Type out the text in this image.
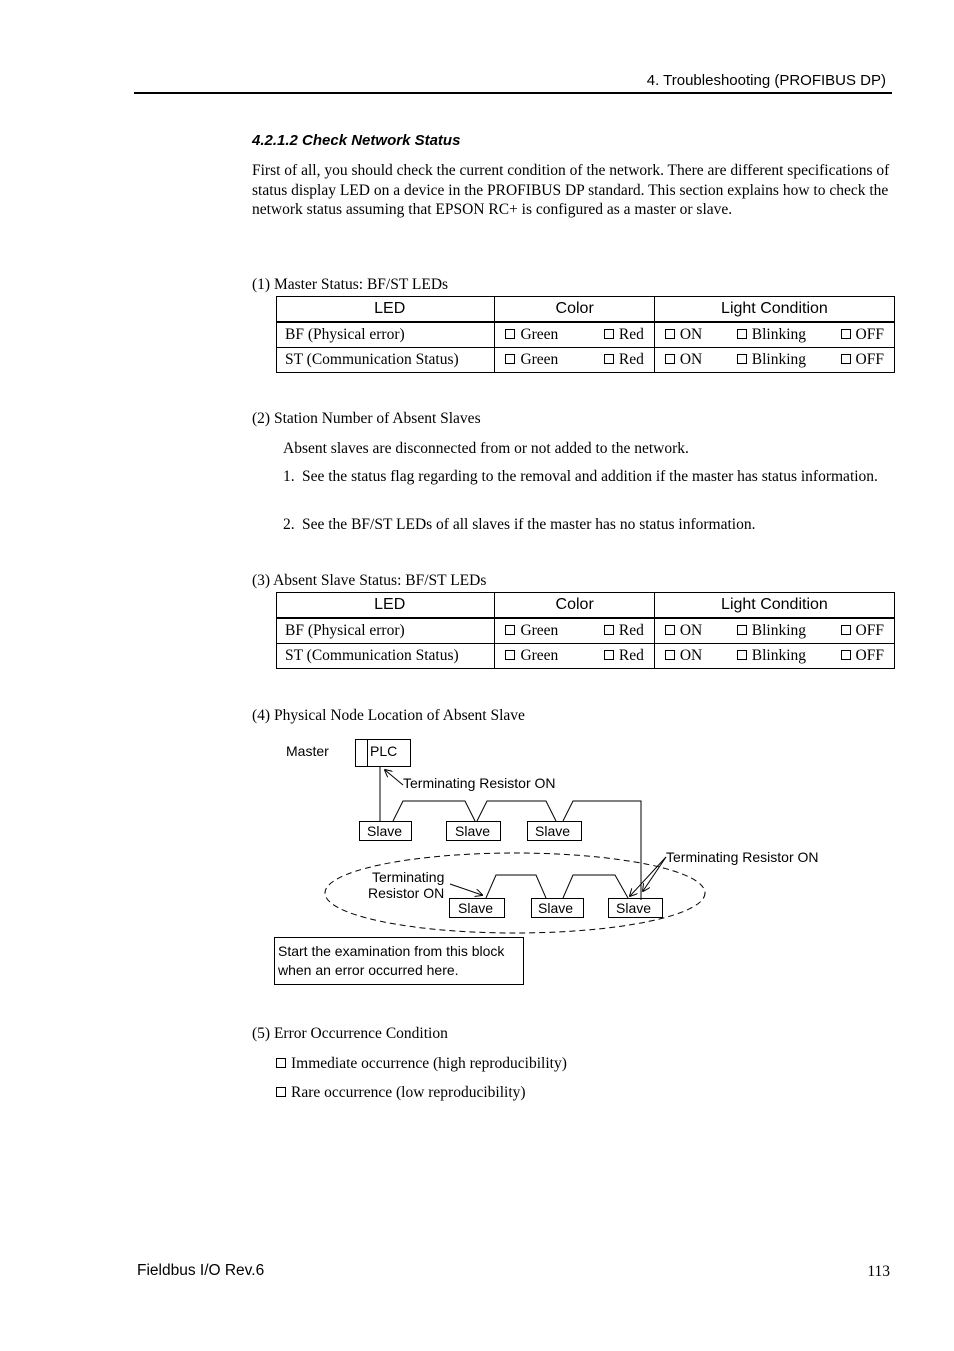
4. Troubleshooting (PROFIBUS DP)
4.2.1.2 Check Network Status
First of all, you should check the current condition of the network. There are different specifications of status display LED on a device in the PROFIBUS DP standard. This section explains how to check the network status assuming that EPSON RC+ is configured as a master or slave.
(1) Master Status: BF/ST LEDs
LED	Color	Light Condition
BF (Physical error)	Green Red	ON Blinking OFF

ST (Communication Status)	Green Red	ON Blinking OFF
(2) Station Number of Absent Slaves
Absent slaves are disconnected from or not added to the network.
1. See the status flag regarding to the removal and addition if the master has status information.
2. See the BF/ST LEDs of all slaves if the master has no status information.
(3) Absent Slave Status: BF/ST LEDs
LED	Color	Light Condition
BF (Physical error)	Green Red	ON Blinking OFF

ST (Communication Status)	Green Red	ON Blinking OFF
(4) Physical Node Location of Absent Slave
Master	PLC
Terminating Resistor ON
Slave	Slave	Slave
Terminating Resistor ON
Terminating
Resistor ON
Slave	Slave	Slave
Start the examination from this block
when an error occurred here.
(5) Error Occurrence Condition
Immediate occurrence (high reproducibility)
Rare occurrence (low reproducibility)
Fieldbus I/O Rev.6	113
